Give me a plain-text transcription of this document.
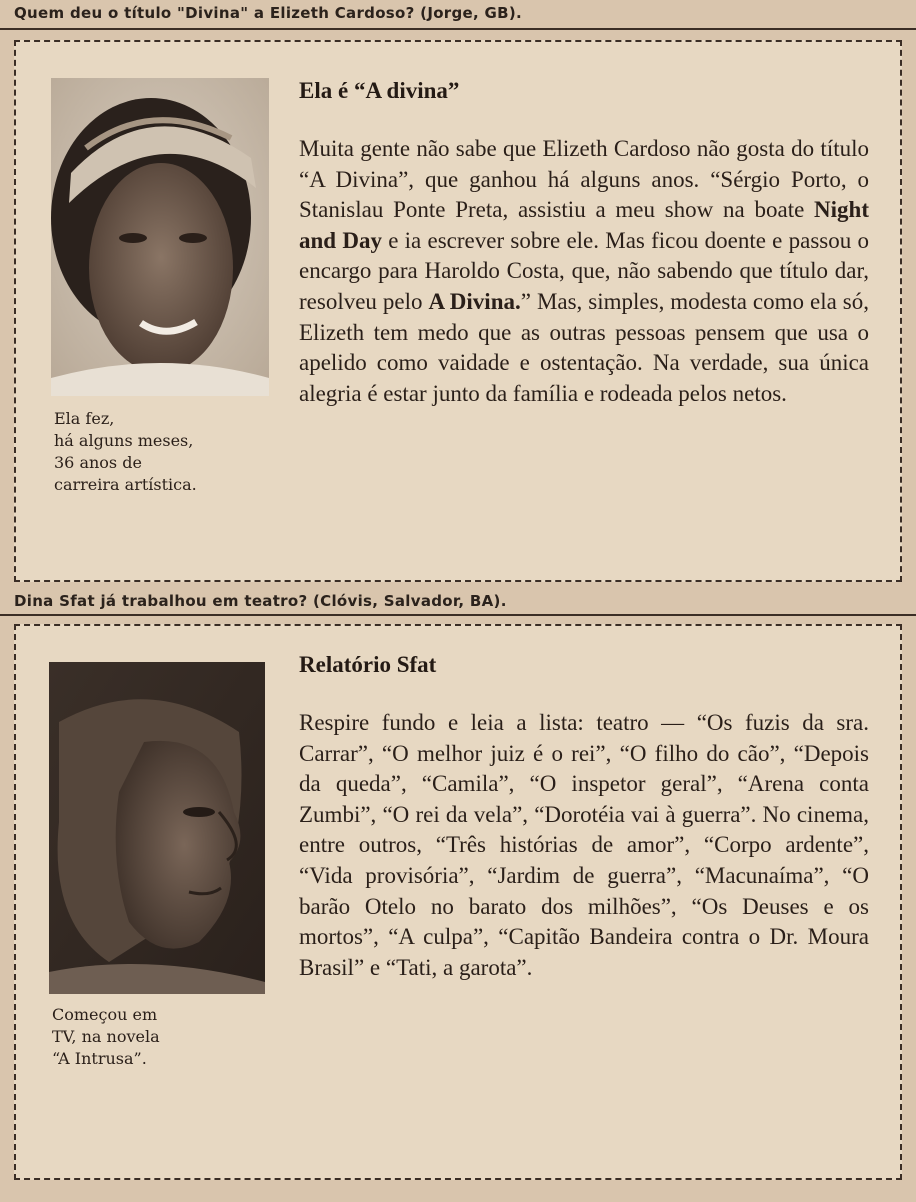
Quem deu o título "Divina" a Elizeth Cardoso? (Jorge, GB).
Ela fez,
há alguns meses,
36 anos de
carreira artística.
Ela é “A divina”
Muita gente não sabe que Elizeth Cardoso não gosta do título “A Divina”, que ganhou há alguns anos. “Sérgio Porto, o Stanislau Ponte Preta, assistiu a meu show na boate Night and Day e ia escrever sobre ele. Mas ficou doente e passou o encargo para Haroldo Costa, que, não sabendo que título dar, resolveu pelo A Divina.” Mas, simples, modesta como ela só, Elizeth tem medo que as outras pessoas pensem que usa o apelido como vaidade e ostentação. Na verdade, sua única alegria é estar junto da família e rodeada pelos netos.
Dina Sfat já trabalhou em teatro? (Clóvis, Salvador, BA).
Começou em
TV, na novela
“A Intrusa”.
Relatório Sfat
Respire fundo e leia a lista: teatro — “Os fuzis da sra. Carrar”, “O melhor juiz é o rei”, “O filho do cão”, “Depois da queda”, “Camila”, “O inspetor geral”, “Arena conta Zumbi”, “O rei da vela”, “Dorotéia vai à guerra”. No cinema, entre outros, “Três histórias de amor”, “Corpo ardente”, “Vida provisória”, “Jardim de guerra”, “Macunaíma”, “O barão Otelo no barato dos milhões”, “Os Deuses e os mortos”, “A culpa”, “Capitão Bandeira contra o Dr. Moura Brasil” e “Tati, a garota”.
